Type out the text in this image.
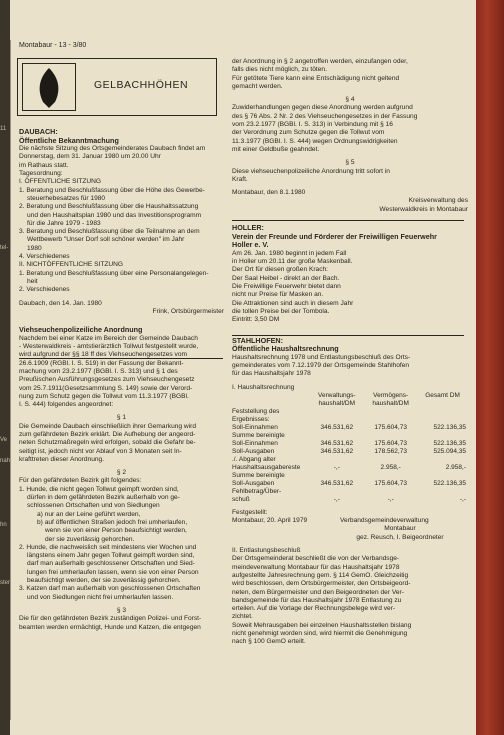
11
tel-
Ve
nah
hn
ster
Montabaur - 13 - 3/80
GELBACHHÖHEN

DAUBACH:

Öffentliche Bekanntmachung

Die nächste Sitzung des Ortsgemeinderates Daubach findet am

Donnerstag, dem 31. Januar 1980 um 20.00 Uhr

im Rathaus statt.

Tagesordnung:

I. ÖFFENTLICHE SITZUNG

1. Beratung und Beschlußfassung über die Höhe des Gewerbe-

steuerhebesatzes für 1980

2. Beratung und Beschlußfassung über die Haushaltssatzung

und den Haushaltsplan 1980 und das Investitionsprogramm

für die Jahre 1979 - 1983

3. Beratung und Beschlußfassung über die Teilnahme an dem

Wettbewerb "Unser Dorf soll schöner werden" im Jahr

1980

4. Verschiedenes

II. NICHTÖFFENTLICHE SITZUNG

1. Beratung und Beschlußfassung über eine Personalangelegen-

heit

2. Verschiedenes

Daubach, den 14. Jan. 1980

Frink, Ortsbürgermeister

Viehseuchenpolizeiliche Anordnung

Nachdem bei einer Katze im Bereich der Gemeinde Daubach

- Westerwaldkreis - amtstierärztlich Tollwut festgestellt wurde,

wird aufgrund der §§ 18 ff des Viehseuchengesetzes vom

26.6.1909 (RGBl. I. S. 519) in der Fassung der Bekannt-

machung vom 23.2.1977 (BGBl. I. S. 313) und § 1 des

Preußischen Ausführungsgesetzes zum Viehseuchengesetz

vom 25.7.1911(Gesetzsammlung S. 149) sowie der Verord-

nung zum Schutz gegen die Tollwut vom 11.3.1977 (BGBl.

I. S. 444) folgendes angeordnet:

§ 1

Die Gemeinde Daubach einschließlich ihrer Gemarkung wird

zum gefährdeten Bezirk erklärt. Die Aufhebung der angeord-

neten Schutzmaßregeln wird erfolgen, sobald die Gefahr be-

seitigt ist, jedoch nicht vor Ablauf von 3 Monaten seit In-

krafttreten dieser Anordnung.

§ 2

Für den gefährdeten Bezirk gilt folgendes:

1. Hunde, die nicht gegen Tollwut geimpft worden sind,

dürfen in dem gefährdeten Bezirk außerhalb von ge-

schlossenen Ortschaften und von Siedlungen

a) nur an der Leine geführt werden,

b) auf öffentlichen Straßen jedoch frei umherlaufen,

wenn sie von einer Person beaufsichtigt werden,

der sie zuverlässig gehorchen.

2. Hunde, die nachweislich seit mindestens vier Wochen und

längstens einem Jahr gegen Tollwut geimpft worden sind,

darf man außerhalb geschlossener Ortschaften und Sied-

lungen frei umherlaufen lassen, wenn sie von einer Person

beaufsichtigt werden, der sie zuverlässig gehorchen.

3. Katzen darf man außerhalb von geschlossenen Ortschaften

und von Siedlungen nicht frei umherlaufen lassen.

§ 3

Die für den gefährdeten Bezirk zuständigen Polizei- und Forst-

beamten werden ermächtigt, Hunde und Katzen, die entgegen

der Anordnung in § 2 angetroffen werden, einzufangen oder,

falls dies nicht möglich, zu töten.

Für getötete Tiere kann eine Entschädigung nicht geltend

gemacht werden.

§ 4

Zuwiderhandlungen gegen diese Anordnung werden aufgrund

des § 76 Abs. 2 Nr. 2 des Viehseuchengesetzes in der Fassung

vom 23.2.1977 (BGBl. I. S. 313) in Verbindung mit § 16

der Verordnung zum Schutze gegen die Tollwut vom

11.3.1977 (BGBl. I. S. 444) wegen Ordnungswidrigkeiten

mit einer Geldbuße geahndet.

§ 5

Diese viehseuchenpolizeiliche Anordnung tritt sofort in

Kraft.

Montabaur, den 8.1.1980

Kreisverwaltung des

Westerwaldkreis in Montabaur

HOLLER:

Verein der Freunde und Förderer der Freiwilligen Feuerwehr

Holler e. V.

Am 26. Jan. 1980 beginnt in jedem Fall

in Holler um 20.11 der große Maskenball.

Der Ort für diesen großen Krach:

Der Saal Heibel - direkt an der Bach.

Die Freiwillige Feuerwehr bietet dann

nicht nur Preise für Masken an.

Die Attraktionen sind auch in diesem Jahr

die tollen Preise bei der Tombola.

Eintritt: 3,50 DM

STAHLHOFEN:

Öffentliche Haushaltsrechnung

Haushaltsrechnung 1978 und Entlastungsbeschluß des Orts-

gemeinderates vom 7.12.1979 der Ortsgemeinde Stahlhofen

für das Haushaltsjahr 1978

I. Haushaltsrechnung

	Verwaltungs- haushalt/DM	Vermögens- haushalt/DM	Gesamt DM
Feststellung des Ergebnisses:			
Soll-Einnahmen	346.531,62	175.604,73	522.136,35
Summe bereinigte			
Soll-Einnahmen	346.531,62	175.604,73	522.136,35
Soll-Ausgaben	346.531,62	178.562,73	525.094,35
./. Abgang alter			
Haushaltsausgabereste	-,-	2.958,-	2.958,-
Summe bereinigte			
Soll-Ausgaben	346.531,62	175.604,73	522.136,35
Fehlbetrag/Über-			
schuß	-,-	-,-	-,-

Festgestellt:

Montabaur, 20. April 1979	Verbandsgemeindeverwaltung

Montabaur

gez. Reusch, I. Beigeordneter

II. Entlastungsbeschluß

Der Ortsgemeinderat beschließt die von der Verbandsge-

meindeverwaltung Montabaur für das Haushaltsjahr 1978

aufgestellte Jahresrechnung gem. § 114 GemO. Gleichzeitig

wird beschlossen, dem Ortsbürgermeister, den Ortsbeigeord-

neten, dem Bürgermeister und den Beigeordneten der Ver-

bandsgemeinde für das Haushaltsjahr 1978 Entlastung zu

erteilen. Auf die Vorlage der Rechnungsbelege wird ver-

zichtet.

Soweit Mehrausgaben bei einzelnen Haushaltsstellen bislang

nicht genehmigt worden sind, wird hiermit die Genehmigung

nach § 100 GemO erteilt.
